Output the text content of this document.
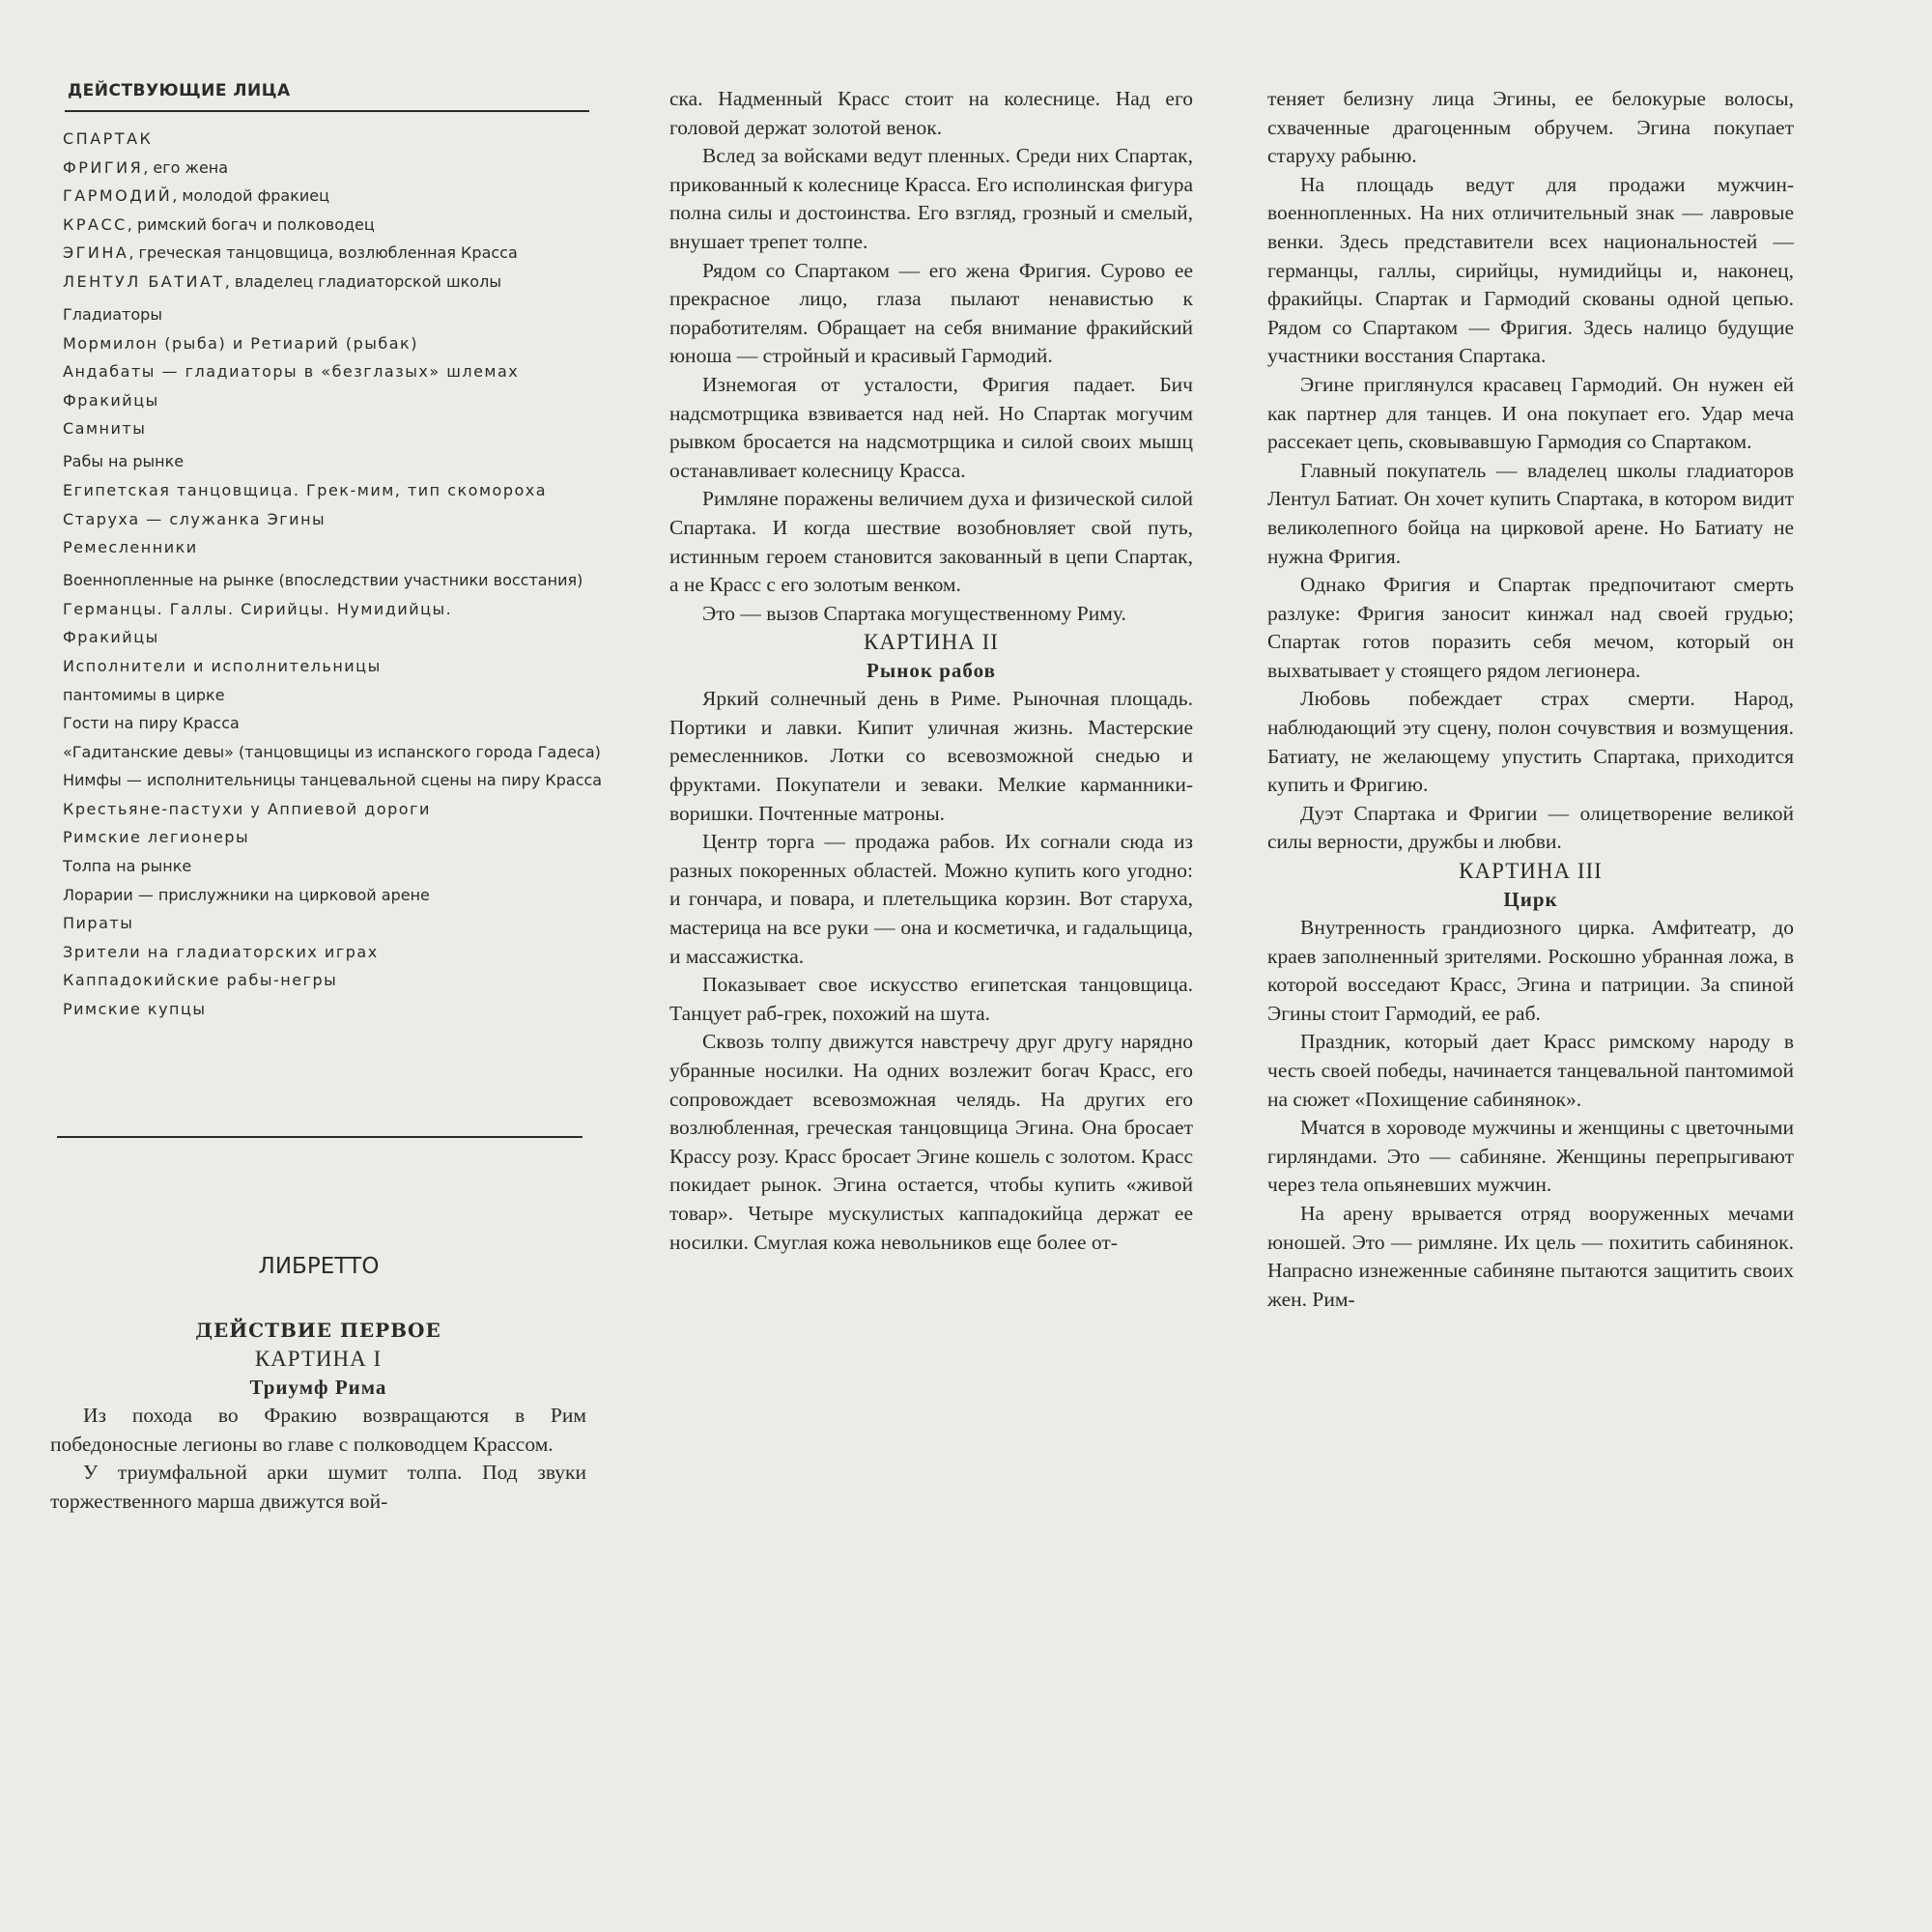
ДЕЙСТВУЮЩИЕ ЛИЦА
СПАРТАК
ФРИГИЯ, его жена
ГАРМОДИЙ, молодой фракиец
КРАСС, римский богач и полководец
ЭГИНА, греческая танцовщица, возлюбленная Красса
ЛЕНТУЛ БАТИАТ, владелец гладиаторской школы
Гладиаторы
Мормилон (рыба) и Ретиарий (рыбак)
Андабаты — гладиаторы в «безглазых» шлемах
Фракийцы
Самниты
Рабы на рынке
Египетская танцовщица. Грек-мим, тип скомороха
Старуха — служанка Эгины
Ремесленники
Военнопленные на рынке (впоследствии участники восстания)
Германцы. Галлы. Сирийцы. Нумидийцы.
Фракийцы
Исполнители и исполнительницы
пантомимы в цирке
Гости на пиру Красса
«Гадитанские девы» (танцовщицы из испанского города Гадеса)
Нимфы — исполнительницы танцевальной сцены на пиру Красса
Крестьяне-пастухи у Аппиевой дороги
Римские легионеры
Толпа на рынке
Лорарии — прислужники на цирковой арене
Пираты
Зрители на гладиаторских играх
Каппадокийские рабы-негры
Римские купцы
ЛИБРЕТТО
ДЕЙСТВИЕ ПЕРВОЕ
КАРТИНА I
Триумф Рима

Из похода во Фракию возвращаются в Рим победоносные легионы во главе с полководцем Крассом.

У триумфальной арки шумит толпа. Под звуки торжественного марша движутся вой-

ска. Надменный Красс стоит на колеснице. Над его головой держат золотой венок.

Вслед за войсками ведут пленных. Среди них Спартак, прикованный к колеснице Красса. Его исполинская фигура полна силы и достоинства. Его взгляд, грозный и смелый, внушает трепет толпе.

Рядом со Спартаком — его жена Фригия. Сурово ее прекрасное лицо, глаза пылают ненавистью к поработителям. Обращает на себя внимание фракийский юноша — стройный и красивый Гармодий.

Изнемогая от усталости, Фригия падает. Бич надсмотрщика взвивается над ней. Но Спартак могучим рывком бросается на надсмотрщика и силой своих мышц останавливает колесницу Красса.

Римляне поражены величием духа и физической силой Спартака. И когда шествие возобновляет свой путь, истинным героем становится закованный в цепи Спартак, а не Красс с его золотым венком.

Это — вызов Спартака могущественному Риму.

КАРТИНА II
Рынок рабов

Яркий солнечный день в Риме. Рыночная площадь. Портики и лавки. Кипит уличная жизнь. Мастерские ремесленников. Лотки со всевозможной снедью и фруктами. Покупатели и зеваки. Мелкие карманники-воришки. Почтенные матроны.

Центр торга — продажа рабов. Их согнали сюда из разных покоренных областей. Можно купить кого угодно: и гончара, и повара, и плетельщика корзин. Вот старуха, мастерица на все руки — она и косметичка, и гадальщица, и массажистка.

Показывает свое искусство египетская танцовщица. Танцует раб-грек, похожий на шута.

Сквозь толпу движутся навстречу друг другу нарядно убранные носилки. На одних возлежит богач Красс, его сопровождает всевозможная челядь. На других его возлюбленная, греческая танцовщица Эгина. Она бросает Крассу розу. Красс бросает Эгине кошель с золотом. Красс покидает рынок. Эгина остается, чтобы купить «живой товар». Четыре мускулистых каппадокийца держат ее носилки. Смуглая кожа невольников еще более от-

теняет белизну лица Эгины, ее белокурые волосы, схваченные драгоценным обручем. Эгина покупает старуху рабыню.

На площадь ведут для продажи мужчин-военнопленных. На них отличительный знак — лавровые венки. Здесь представители всех национальностей — германцы, галлы, сирийцы, нумидийцы и, наконец, фракийцы. Спартак и Гармодий скованы одной цепью. Рядом со Спартаком — Фригия. Здесь налицо будущие участники восстания Спартака.

Эгине приглянулся красавец Гармодий. Он нужен ей как партнер для танцев. И она покупает его. Удар меча рассекает цепь, сковывавшую Гармодия со Спартаком.

Главный покупатель — владелец школы гладиаторов Лентул Батиат. Он хочет купить Спартака, в котором видит великолепного бойца на цирковой арене. Но Батиату не нужна Фригия.

Однако Фригия и Спартак предпочитают смерть разлуке: Фригия заносит кинжал над своей грудью; Спартак готов поразить себя мечом, который он выхватывает у стоящего рядом легионера.

Любовь побеждает страх смерти. Народ, наблюдающий эту сцену, полон сочувствия и возмущения. Батиату, не желающему упустить Спартака, приходится купить и Фригию.

Дуэт Спартака и Фригии — олицетворение великой силы верности, дружбы и любви.

КАРТИНА III
Цирк

Внутренность грандиозного цирка. Амфитеатр, до краев заполненный зрителями. Роскошно убранная ложа, в которой восседают Красс, Эгина и патриции. За спиной Эгины стоит Гармодий, ее раб.

Праздник, который дает Красс римскому народу в честь своей победы, начинается танцевальной пантомимой на сюжет «Похищение сабинянок».

Мчатся в хороводе мужчины и женщины с цветочными гирляндами. Это — сабиняне. Женщины перепрыгивают через тела опьяневших мужчин.

На арену врывается отряд вооруженных мечами юношей. Это — римляне. Их цель — похитить сабинянок. Напрасно изнеженные сабиняне пытаются защитить своих жен. Рим-
